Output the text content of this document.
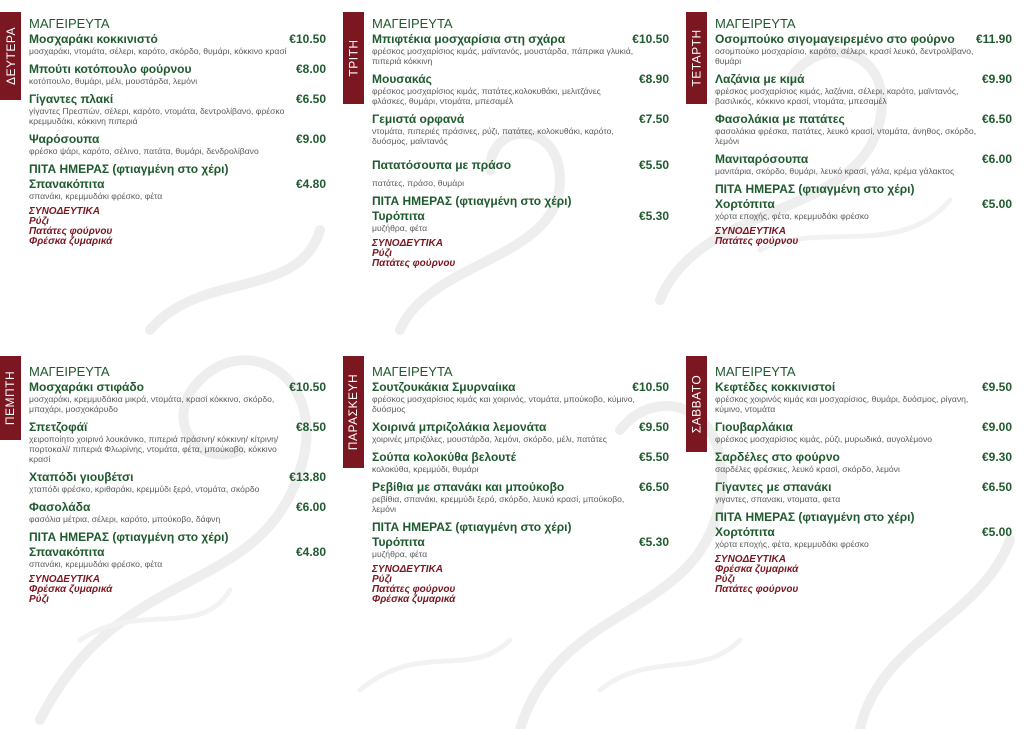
ΔΕΥΤΕΡΑ
ΜΑΓΕΙΡΕΥΤΑ
Μοσχαράκι κοκκινιστό	€10.50
μοσχαράκι, ντομάτα, σέλερι, καρότο, σκόρδο, θυμάρι, κόκκινο κρασί
Μπούτι κοτόπουλο φούρνου	€8.00
κοτόπουλο, θυμάρι, μέλι, μουστάρδα, λεμόνι
Γίγαντες πλακί	€6.50
γίγαντες Πρεσπών, σέλερι, καρότο, ντομάτα, δεντρολίβανο, φρέσκο κρεμμυδάκι, κόκκινη πιπεριά
Ψαρόσουπα	€9.00
φρέσκο ψάρι, καρότο, σέλινο, πατάτα, θυμάρι, δενδρολίβανο
ΠΙΤΑ ΗΜΕΡΑΣ (φτιαγμένη στο χέρι)
Σπανακόπιτα	€4.80
σπανάκι, κρεμμυδάκι φρέσκο, φέτα
ΣΥΝΟΔΕΥΤΙΚΑ
Ρύζι
Πατάτες φούρνου
Φρέσκα ζυμαρικά
ΤΡΙΤΗ
ΜΑΓΕΙΡΕΥΤΑ
Μπιφτέκια μοσχαρίσια στη σχάρα	€10.50
φρέσκος μοσχαρίσιος κιμάς, μαϊντανός, μουστάρδα, πάπρικα γλυκιά, πιπεριά κόκκινη
Μουσακάς	€8.90
φρέσκος μοσχαρίσιος κιμάς, πατάτες,κολοκυθάκι, μελιτζάνες φλάσκες, θυμάρι, ντομάτα, μπεσαμέλ
Γεμιστά ορφανά	€7.50
ντομάτα, πιπεριές πράσινες, ρύζι, πατάτες, κολοκυθάκι, καρότο, δυόσμος, μαϊντανός
Πατατόσουπα με πράσο	€5.50
πατάτες, πράσο, θυμάρι
ΠΙΤΑ ΗΜΕΡΑΣ (φτιαγμένη στο χέρι)
Τυρόπιτα	€5.30
μυζήθρα, φέτα
ΣΥΝΟΔΕΥΤΙΚΑ
Ρύζι
Πατάτες φούρνου
ΤΕΤΑΡΤΗ
ΜΑΓΕΙΡΕΥΤΑ
Οσομπούκο σιγομαγειρεμένο στο φούρνο €11.90
οσομπούκο μοσχαρίσιο, καρότο, σέλερι, κρασί λευκό, δεντρολίβανο, θυμάρι
Λαζάνια με κιμά	€9.90
φρέσκος μοσχαρίσιος κιμάς, λαζάνια, σέλερι, καρότο, μαϊντανός, βασιλικός, κόκκινο κρασί, ντομάτα, μπεσαμέλ
Φασολάκια με πατάτες	€6.50
φασολάκια φρέσκα, πατάτες, λευκό κρασί, ντομάτα, άνηθος, σκόρδο, λεμόνι
Μανιταρόσουπα	€6.00
μανιτάρια, σκόρδο, θυμάρι, λευκό κρασί, γάλα, κρέμα γάλακτος
ΠΙΤΑ ΗΜΕΡΑΣ (φτιαγμένη στο χέρι)
Χορτόπιτα	€5.00
χόρτα εποχής, φέτα, κρεμμυδάκι φρέσκο
ΣΥΝΟΔΕΥΤΙΚΑ
Πατάτες φούρνου
ΠΕΜΠΤΗ ΜΑΓΕΙΡΕΥΤΑ
Μοσχαράκι στιφάδο	€10.50
μοσχαράκι, κρεμμυδάκια μικρά, ντομάτα, κρασί κόκκινο, σκόρδο, μπαχάρι, μοσχοκάρυδο
Σπετζοφάϊ	€8.50
χειροποίητο χοιρινό λουκάνικο, πιπεριά πράσινη/ κόκκινη/ κίτρινη/ πορτοκαλί/ πιπεριά Φλωρίνης, ντομάτα, φέτα, μπούκοβο, κόκκινο κρασί
Χταπόδι γιουβέτσι	€13.80
χταπόδι φρέσκο, κριθαράκι, κρεμμύδι ξερό, ντομάτα, σκόρδο
Φασολάδα	€6.00
φασόλια μέτρια, σέλερι, καρότο, μπούκοβο, δάφνη
ΠΙΤΑ ΗΜΕΡΑΣ (φτιαγμένη στο χέρι)
Σπανακόπιτα	€4.80
σπανάκι, κρεμμυδάκι φρέσκο, φέτα
ΣΥΝΟΔΕΥΤΙΚΑ
Φρέσκα ζυμαρικά
Ρύζι
ΠΑΡΑΣΚΕΥΗ
ΜΑΓΕΙΡΕΥΤΑ
Σουτζουκάκια Σμυρναίικα	€10.50
φρέσκος μοσχαρίσιος κιμάς και χοιρινός, ντομάτα, μπούκοβο, κύμινο, δυόσμος
Χοιρινά μπριζολάκια λεμονάτα	€9.50
χοιρινές μπριζόλες, μουστάρδα, λεμόνι, σκόρδο, μέλι, πατάτες
Σούπα κολοκύθα βελουτέ	€5.50
κολοκύθα, κρεμμύδι, θυμάρι
Ρεβίθια με σπανάκι και μπούκοβο	€6.50
ρεβίθια, σπανάκι, κρεμμύδι ξερό, σκόρδο, λευκό κρασί, μπούκοβο, λεμόνι
ΠΙΤΑ ΗΜΕΡΑΣ (φτιαγμένη στο χέρι)
Τυρόπιτα	€5.30
μυζήθρα, φέτα
ΣΥΝΟΔΕΥΤΙΚΑ
Ρύζι
Πατάτες φούρνου
Φρέσκα ζυμαρικά
ΣΑΒΒΑΤΟ
ΜΑΓΕΙΡΕΥΤΑ
Κεφτέδες κοκκινιστοί	€9.50
φρέσκος χοιρινός κιμάς και μοσχαρίσιος, θυμάρι, δυόσμος, ρίγανη, κύμινο, ντομάτα
Γιουβαρλάκια	€9.00
φρέσκος μοσχαρίσιος κιμάς, ρύζι, μυρωδικά, αυγολέμονο
Σαρδέλες στο φούρνο	€9.30
σαρδέλες φρέσκιες, λευκό κρασί, σκόρδο, λεμόνι
Γίγαντες με σπανάκι	€6.50
γιγαντες, σπανακι, ντοματα, φετα
ΠΙΤΑ ΗΜΕΡΑΣ (φτιαγμένη στο χέρι)
Χορτόπιτα	€5.00
χόρτα εποχής, φέτα, κρεμμυδάκι φρέσκο
ΣΥΝΟΔΕΥΤΙΚΑ
Φρέσκα ζυμαρικά
Ρύζι
Πατάτες φούρνου
